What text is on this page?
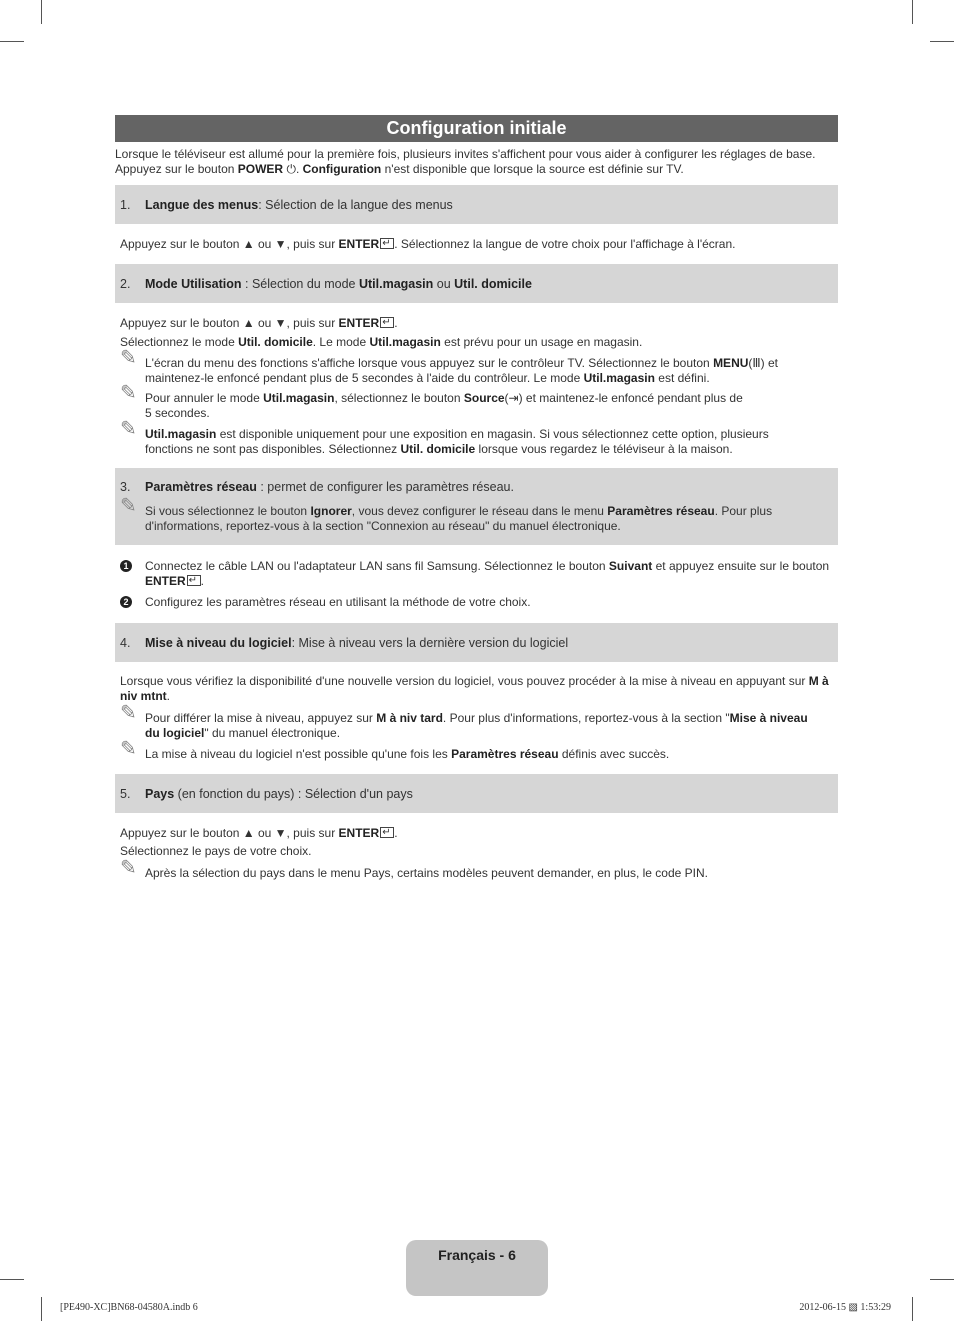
Configuration initiale
Lorsque le téléviseur est allumé pour la première fois, plusieurs invites s'affichent pour vous aider à configurer les réglages de base.
Appuyez sur le bouton POWER ⏻. Configuration n'est disponible que lorsque la source est définie sur TV.
1. Langue des menus: Sélection de la langue des menus
Appuyez sur le bouton ▲ ou ▼, puis sur ENTER ↵ . Sélectionnez la langue de votre choix pour l'affichage à l'écran.
2. Mode Utilisation : Sélection du mode Util.magasin ou Util. domicile
Appuyez sur le bouton ▲ ou ▼, puis sur ENTER ↵ .
Sélectionnez le mode Util. domicile. Le mode Util.magasin est prévu pour un usage en magasin.
✎ L'écran du menu des fonctions s'affiche lorsque vous appuyez sur le contrôleur TV. Sélectionnez le bouton MENU(Ⅲ) et
maintenez-le enfoncé pendant plus de 5 secondes à l'aide du contrôleur. Le mode Util.magasin est défini.
✎ Pour annuler le mode Util.magasin, sélectionnez le bouton Source(⇥) et maintenez-le enfoncé pendant plus de
5 secondes.
✎ Util.magasin est disponible uniquement pour une exposition en magasin. Si vous sélectionnez cette option, plusieurs
fonctions ne sont pas disponibles. Sélectionnez Util. domicile lorsque vous regardez le téléviseur à la maison.
3. Paramètres réseau : permet de configurer les paramètres réseau.
✎ Si vous sélectionnez le bouton Ignorer, vous devez configurer le réseau dans le menu Paramètres réseau. Pour plus
d'informations, reportez-vous à la section "Connexion au réseau" du manuel électronique.
1 Connectez le câble LAN ou l'adaptateur LAN sans fil Samsung. Sélectionnez le bouton Suivant et appuyez ensuite sur le bouton
ENTER ↵ .
2 Configurez les paramètres réseau en utilisant la méthode de votre choix.
4. Mise à niveau du logiciel: Mise à niveau vers la dernière version du logiciel
Lorsque vous vérifiez la disponibilité d'une nouvelle version du logiciel, vous pouvez procéder à la mise à niveau en appuyant sur M à
niv mtnt.
✎ Pour différer la mise à niveau, appuyez sur M à niv tard. Pour plus d'informations, reportez-vous à la section "Mise à niveau
du logiciel" du manuel électronique.
✎ La mise à niveau du logiciel n'est possible qu'une fois les Paramètres réseau définis avec succès.
5. Pays (en fonction du pays) : Sélection d'un pays
Appuyez sur le bouton ▲ ou ▼, puis sur ENTER ↵ .
Sélectionnez le pays de votre choix.
✎ Après la sélection du pays dans le menu Pays, certains modèles peuvent demander, en plus, le code PIN.
Français - 6
[PE490-XC]BN68-04580A.indb 6	2012-06-15 ▧ 1:53:29
